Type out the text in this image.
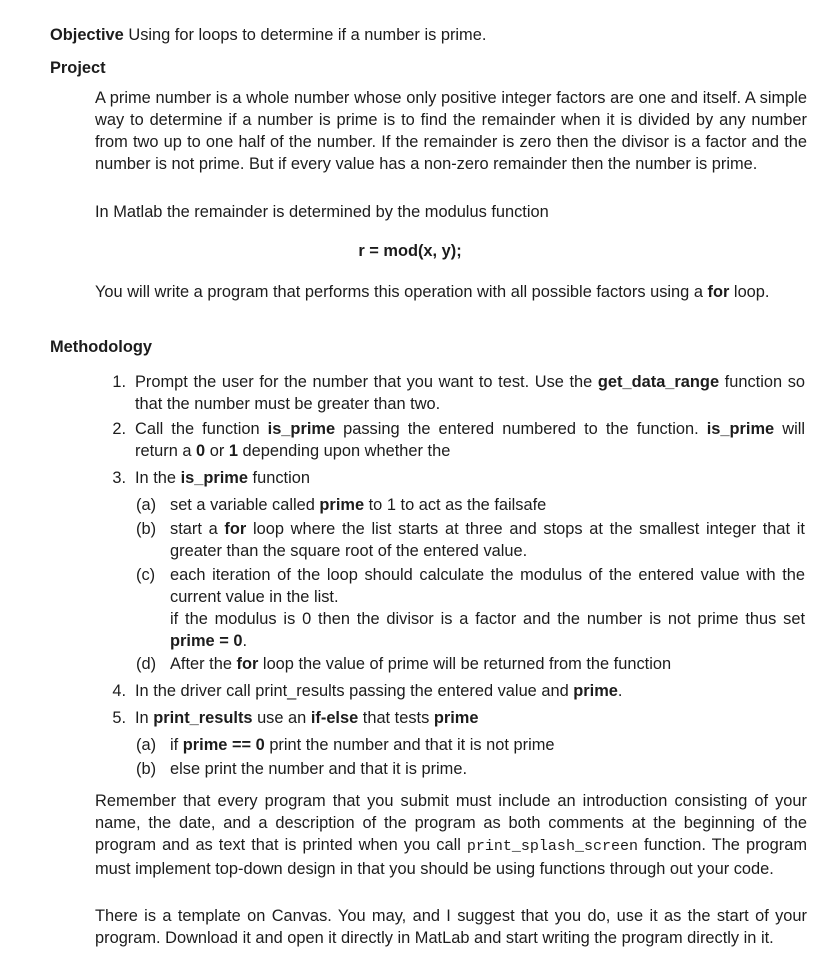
Objective Using for loops to determine if a number is prime.
Project
A prime number is a whole number whose only positive integer factors are one and itself. A simple way to determine if a number is prime is to find the remainder when it is divided by any number from two up to one half of the number. If the remainder is zero then the divisor is a factor and the number is not prime. But if every value has a non-zero remainder then the number is prime.
In Matlab the remainder is determined by the modulus function
r = mod(x, y);
You will write a program that performs this operation with all possible factors using a for loop.
Methodology
1. Prompt the user for the number that you want to test. Use the get_data_range function so that the number must be greater than two.
2. Call the function is_prime passing the entered numbered to the function. is_prime will return a 0 or 1 depending upon whether the
3. In the is_prime function
(a) set a variable called prime to 1 to act as the failsafe
(b) start a for loop where the list starts at three and stops at the smallest integer that it greater than the square root of the entered value.
(c) each iteration of the loop should calculate the modulus of the entered value with the current value in the list.
if the modulus is 0 then the divisor is a factor and the number is not prime thus set prime = 0.
(d) After the for loop the value of prime will be returned from the function
4. In the driver call print_results passing the entered value and prime.
5. In print_results use an if-else that tests prime
(a) if prime == 0 print the number and that it is not prime
(b) else print the number and that it is prime.
Remember that every program that you submit must include an introduction consisting of your name, the date, and a description of the program as both comments at the beginning of the program and as text that is printed when you call print_splash_screen function. The program must implement top-down design in that you should be using functions through out your code.
There is a template on Canvas. You may, and I suggest that you do, use it as the start of your program. Download it and open it directly in MatLab and start writing the program directly in it.
